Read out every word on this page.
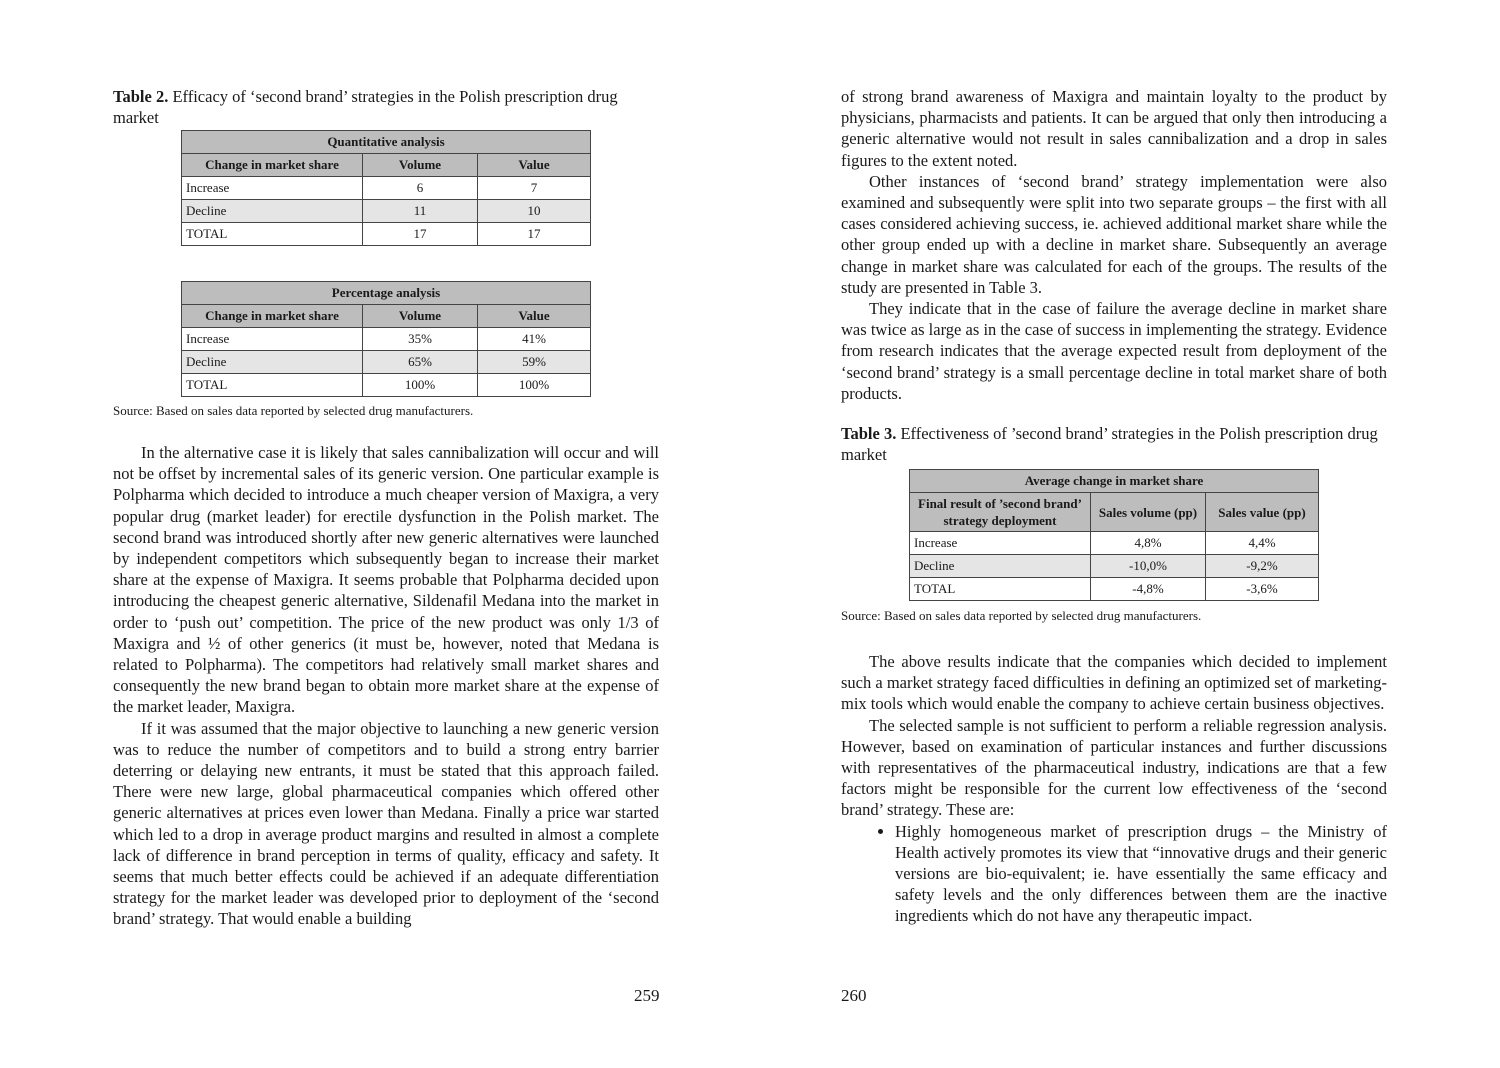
Table 2. Efficacy of ‘second brand’ strategies in the Polish prescription drug market

Quantitative analysis		
Change in market share	Volume	Value
Increase	6	7
Decline	11	10
TOTAL	17	17
Percentage analysis		
Change in market share	Volume	Value
Increase	35%	41%
Decline	65%	59%
TOTAL	100%	100%

Source: Based on sales data reported by selected drug manufacturers.

In the alternative case it is likely that sales cannibalization will occur and will not be offset by incremental sales of its generic version. One particular example is Polpharma which decided to introduce a much cheaper version of Maxigra, a very popular drug (market leader) for erectile dysfunction in the Polish market. The second brand was introduced shortly after new generic alternatives were launched by independent competitors which subsequently began to increase their market share at the expense of Maxigra. It seems probable that Polpharma decided upon introducing the cheapest generic alternative, Sildenafil Medana into the market in order to ‘push out’ competition. The price of the new product was only 1/3 of Maxigra and ½ of other generics (it must be, however, noted that Medana is related to Polpharma). The competitors had relatively small market shares and consequently the new brand began to obtain more market share at the expense of the market leader, Maxigra.

If it was assumed that the major objective to launching a new generic version was to reduce the number of competitors and to build a strong entry barrier deterring or delaying new entrants, it must be stated that this approach failed. There were new large, global pharmaceutical companies which offered other generic alternatives at prices even lower than Medana. Finally a price war started which led to a drop in average product margins and resulted in almost a complete lack of difference in brand perception in terms of quality, efficacy and safety. It seems that much better effects could be achieved if an adequate differentiation strategy for the market leader was developed prior to deployment of the ‘second brand’ strategy. That would enable a building

259

of strong brand awareness of Maxigra and maintain loyalty to the product by physicians, pharmacists and patients. It can be argued that only then introducing a generic alternative would not result in sales cannibalization and a drop in sales figures to the extent noted.

Other instances of ‘second brand’ strategy implementation were also examined and subsequently were split into two separate groups – the first with all cases considered achieving success, ie. achieved additional market share while the other group ended up with a decline in market share. Subsequently an average change in market share was calculated for each of the groups. The results of the study are presented in Table 3.

They indicate that in the case of failure the average decline in market share was twice as large as in the case of success in implementing the strategy. Evidence from research indicates that the average expected result from deployment of the ‘second brand’ strategy is a small percentage decline in total market share of both products.

Table 3. Effectiveness of ’second brand’ strategies in the Polish prescription drug market

Average change in market share		
Final result of ’second brand’ strategy deployment	Sales volume (pp)	Sales value (pp)
Increase	4,8%	4,4%
Decline	-10,0%	-9,2%
TOTAL	-4,8%	-3,6%

Source: Based on sales data reported by selected drug manufacturers.

The above results indicate that the companies which decided to implement such a market strategy faced difficulties in defining an optimized set of marketing-mix tools which would enable the company to achieve certain business objectives.

The selected sample is not sufficient to perform a reliable regression analysis. However, based on examination of particular instances and further discussions with representatives of the pharmaceutical industry, indications are that a few factors might be responsible for the current low effectiveness of the ‘second brand’ strategy. These are:

• Highly homogeneous market of prescription drugs – the Ministry of Health actively promotes its view that “innovative drugs and their generic versions are bio-equivalent; ie. have essentially the same efficacy and safety levels and the only differences between them are the inactive ingredients which do not have any therapeutic impact.
260
